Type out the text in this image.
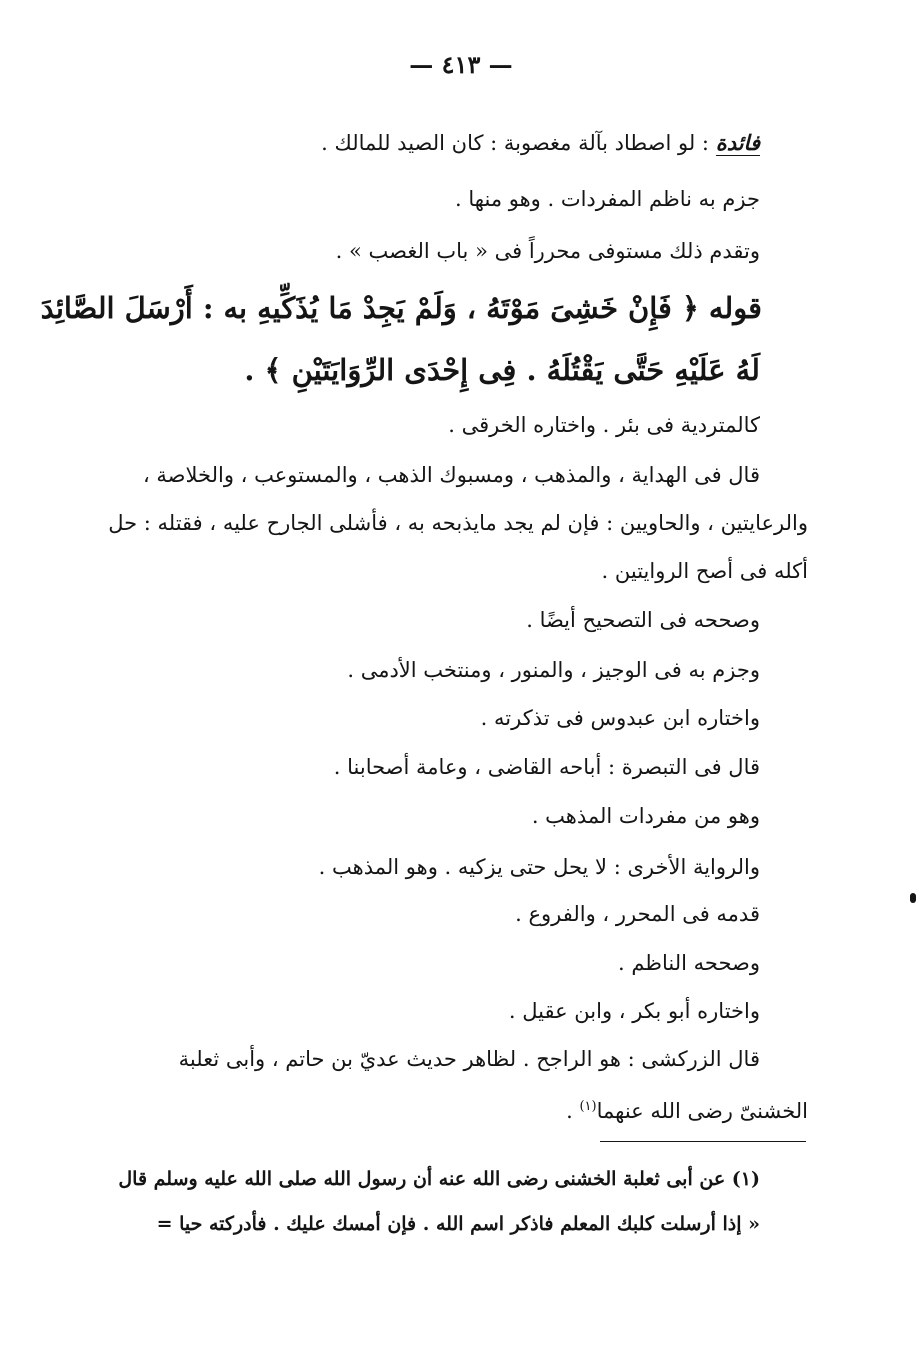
— ٤١٣ —
فائدة : لو اصطاد بآلة مغصوبة : كان الصيد للمالك .
جزم به ناظم المفردات . وهو منها .
وتقدم ذلك مستوفى محرراً فى « باب الغصب » .
قوله ﴿ فَإِنْ خَشِىَ مَوْتَهُ ، وَلَمْ يَجِدْ مَا يُذَكِّيهِ به : أَرْسَلَ الصَّائِدَ
لَهُ عَلَيْهِ حَتَّى يَقْتُلَهُ . فِى إِحْدَى الرِّوَايَتَيْنِ ﴾ .
كالمتردية فى بئر . واختاره الخرقى .
قال فى الهداية ، والمذهب ، ومسبوك الذهب ، والمستوعب ، والخلاصة ،
والرعايتين ، والحاويين : فإن لم يجد مايذبحه به ، فأشلى الجارح عليه ، فقتله : حل
أكله فى أصح الروايتين .
وصححه فى التصحيح أيضًا .
وجزم به فى الوجيز ، والمنور ، ومنتخب الأدمى .
واختاره ابن عبدوس فى تذكرته .
قال فى التبصرة : أباحه القاضى ، وعامة أصحابنا .
وهو من مفردات المذهب .
والرواية الأخرى : لا يحل حتى يزكيه . وهو المذهب .
قدمه فى المحرر ، والفروع .
وصححه الناظم .
واختاره أبو بكر ، وابن عقيل .
قال الزركشى : هو الراجح . لظاهر حديث عديّ بن حاتم ، وأبى ثعلبة
الخشنىّ رضى الله عنهما$^{(١)}$ .
(١) عن أبى ثعلبة الخشنى رضى الله عنه أن رسول الله صلى الله عليه وسلم قال
« إذا أرسلت كلبك المعلم فاذكر اسم الله . فإن أمسك عليك . فأدركته حيا =
